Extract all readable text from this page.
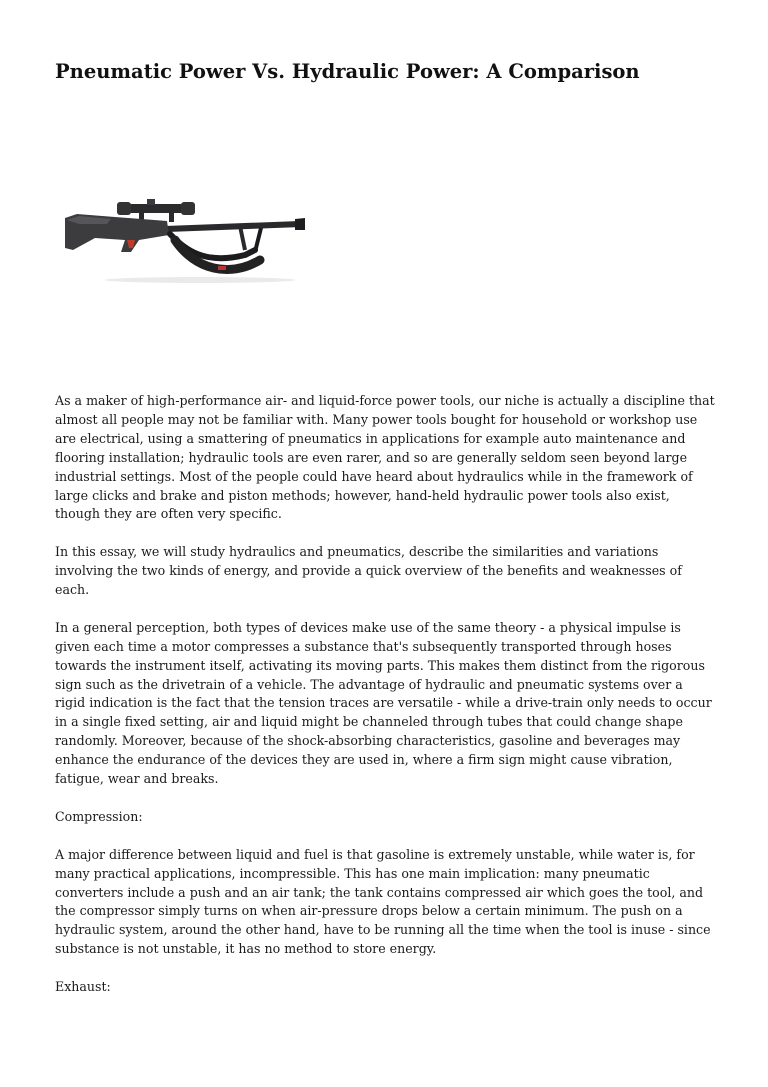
Pneumatic Power Vs. Hydraulic Power: A Comparison

As a maker of high-performance air- and liquid-force power tools, our niche is actually a discipline that almost all people may not be familiar with. Many power tools bought for household or workshop use are electrical, using a smattering of pneumatics in applications for example auto maintenance and flooring installation; hydraulic tools are even rarer, and so are generally seldom seen beyond large industrial settings. Most of the people could have heard about hydraulics while in the framework of large clicks and brake and piston methods; however, hand-held hydraulic power tools also exist, though they are often very specific.

In this essay, we will study hydraulics and pneumatics, describe the similarities and variations involving the two kinds of energy, and provide a quick overview of the benefits and weaknesses of each.

In a general perception, both types of devices make use of the same theory - a physical impulse is given each time a motor compresses a substance that's subsequently transported through hoses towards the instrument itself, activating its moving parts. This makes them distinct from the rigorous sign such as the drivetrain of a vehicle. The advantage of hydraulic and pneumatic systems over a rigid indication is the fact that the tension traces are versatile - while a drive-train only needs to occur in a single fixed setting, air and liquid might be channeled through tubes that could change shape randomly. Moreover, because of the shock-absorbing characteristics, gasoline and beverages may enhance the endurance of the devices they are used in, where a firm sign might cause vibration, fatigue, wear and breaks.

Compression:

A major difference between liquid and fuel is that gasoline is extremely unstable, while water is, for many practical applications, incompressible. This has one main implication: many pneumatic converters include a push and an air tank; the tank contains compressed air which goes the tool, and the compressor simply turns on when air-pressure drops below a certain minimum. The push on a hydraulic system, around the other hand, have to be running all the time when the tool is inuse - since substance is not unstable, it has no method to store energy.

Exhaust:
